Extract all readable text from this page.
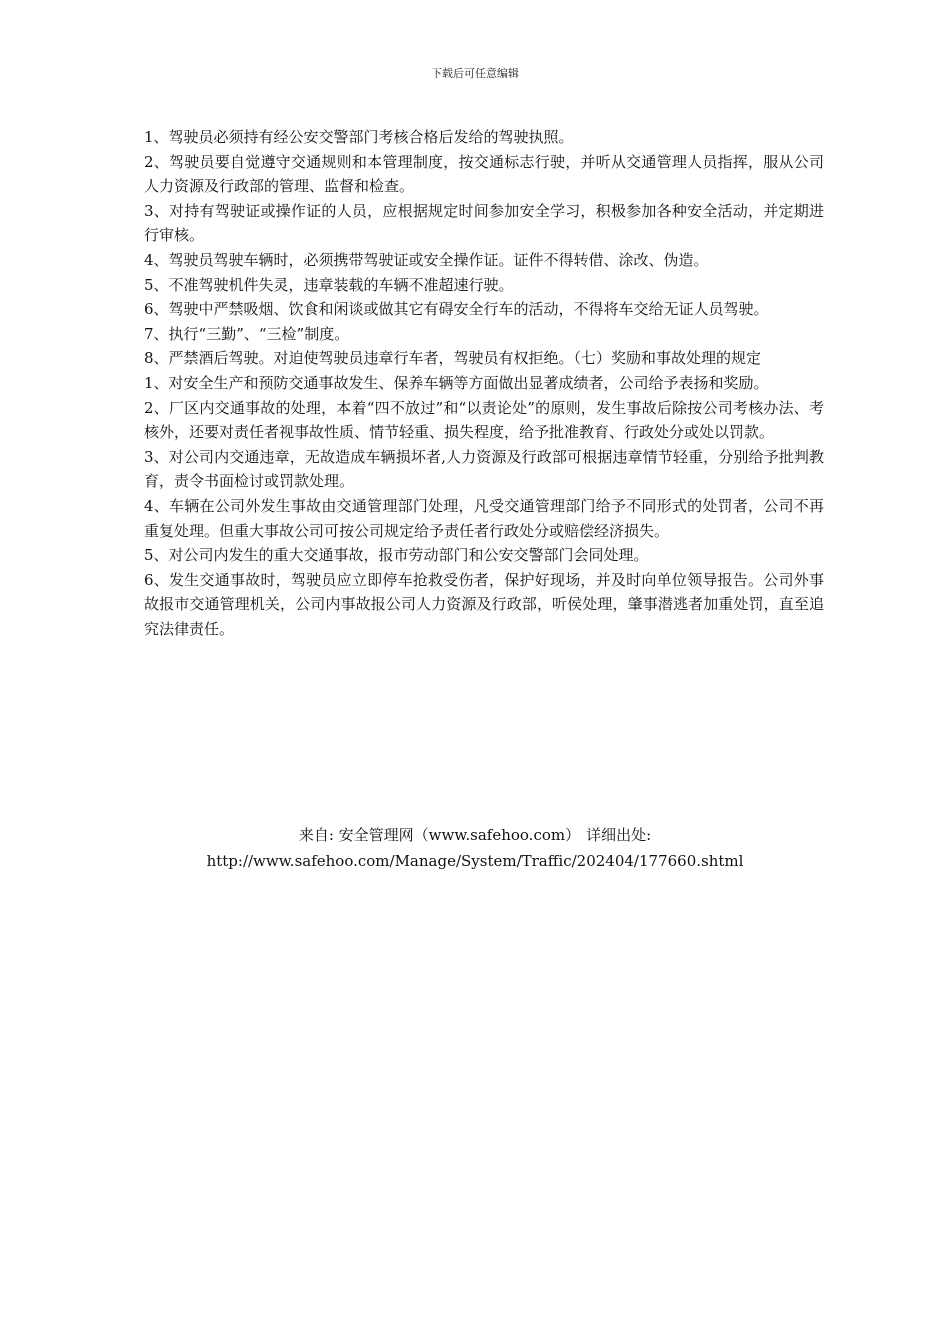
下载后可任意编辑

1、驾驶员必须持有经公安交警部门考核合格后发给的驾驶执照。

2、驾驶员要自觉遵守交通规则和本管理制度，按交通标志行驶，并听从交通管理人员指挥，服从公司人力资源及行政部的管理、监督和检查。

3、对持有驾驶证或操作证的人员，应根据规定时间参加安全学习，积极参加各种安全活动，并定期进行审核。

4、驾驶员驾驶车辆时，必须携带驾驶证或安全操作证。证件不得转借、涂改、伪造。

5、不准驾驶机件失灵，违章装载的车辆不准超速行驶。

6、驾驶中严禁吸烟、饮食和闲谈或做其它有碍安全行车的活动，不得将车交给无证人员驾驶。

7、执行“三勤”、“三检”制度。

8、严禁酒后驾驶。对迫使驾驶员违章行车者，驾驶员有权拒绝。（七）奖励和事故处理的规定

1、对安全生产和预防交通事故发生、保养车辆等方面做出显著成绩者，公司给予表扬和奖励。

2、厂区内交通事故的处理，本着“四不放过”和“以责论处”的原则，发生事故后除按公司考核办法、考核外，还要对责任者视事故性质、情节轻重、损失程度，给予批准教育、行政处分或处以罚款。

3、对公司内交通违章，无故造成车辆损坏者,人力资源及行政部可根据违章情节轻重，分别给予批判教育，责令书面检讨或罚款处理。

4、车辆在公司外发生事故由交通管理部门处理，凡受交通管理部门给予不同形式的处罚者，公司不再重复处理。但重大事故公司可按公司规定给予责任者行政处分或赔偿经济损失。

5、对公司内发生的重大交通事故，报市劳动部门和公安交警部门会同处理。

6、发生交通事故时，驾驶员应立即停车抢救受伤者，保护好现场，并及时向单位领导报告。公司外事故报市交通管理机关，公司内事故报公司人力资源及行政部，听侯处理，肇事潜逃者加重处罚，直至追究法律责任。

来自: 安全管理网（www.safehoo.com） 详细出处:
http://www.safehoo.com/Manage/System/Traffic/202404/177660.shtml
